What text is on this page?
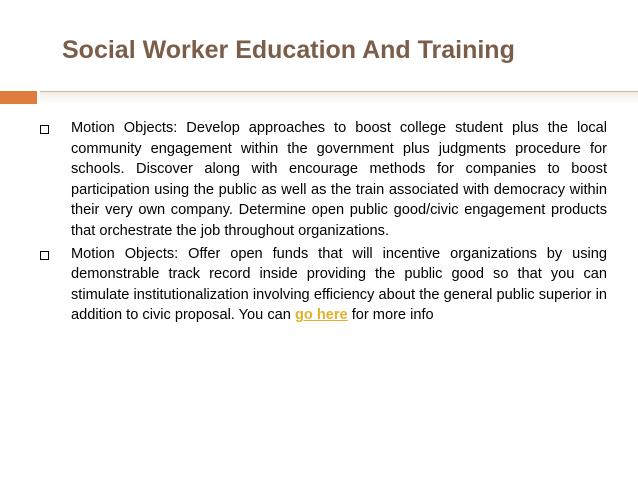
Social Worker Education And Training
Motion Objects: Develop approaches to boost college student plus the local community engagement within the government plus judgments procedure for schools. Discover along with encourage methods for companies to boost participation using the public as well as the train associated with democracy within their very own company. Determine open public good/civic engagement products that orchestrate the job throughout organizations.
Motion Objects: Offer open funds that will incentive organizations by using demonstrable track record inside providing the public good so that you can stimulate institutionalization involving efficiency about the general public superior in addition to civic proposal. You can go here for more info
